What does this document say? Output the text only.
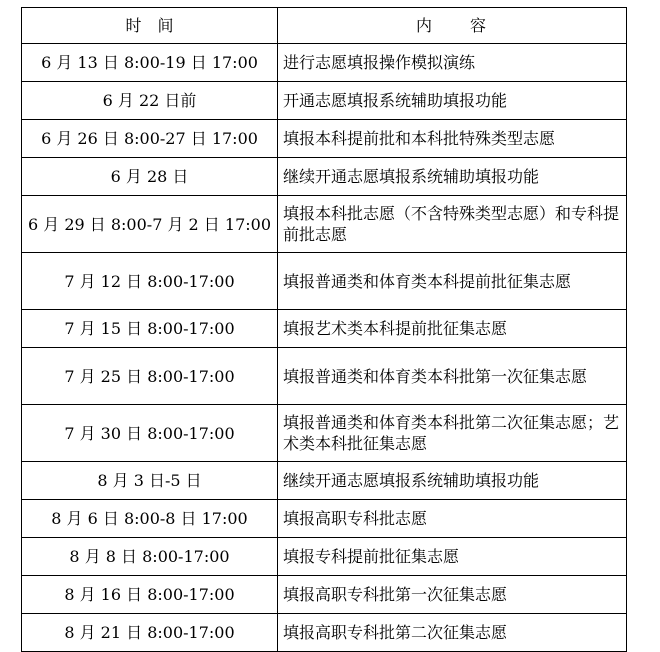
时　间	内　　容
6 月 13 日 8:00-19 日 17:00	进行志愿填报操作模拟演练
6 月 22 日前	开通志愿填报系统辅助填报功能
6 月 26 日 8:00-27 日 17:00	填报本科提前批和本科批特殊类型志愿
6 月 28 日	继续开通志愿填报系统辅助填报功能
6 月 29 日 8:00-7 月 2 日 17:00	填报本科批志愿（不含特殊类型志愿）和专科提前批志愿
7 月 12 日 8:00-17:00	填报普通类和体育类本科提前批征集志愿
7 月 15 日 8:00-17:00	填报艺术类本科提前批征集志愿
7 月 25 日 8:00-17:00	填报普通类和体育类本科批第一次征集志愿
7 月 30 日 8:00-17:00	填报普通类和体育类本科批第二次征集志愿；艺术类本科批征集志愿
8 月 3 日-5 日	继续开通志愿填报系统辅助填报功能
8 月 6 日 8:00-8 日 17:00	填报高职专科批志愿
8 月 8 日 8:00-17:00	填报专科提前批征集志愿
8 月 16 日 8:00-17:00	填报高职专科批第一次征集志愿
8 月 21 日 8:00-17:00	填报高职专科批第二次征集志愿
